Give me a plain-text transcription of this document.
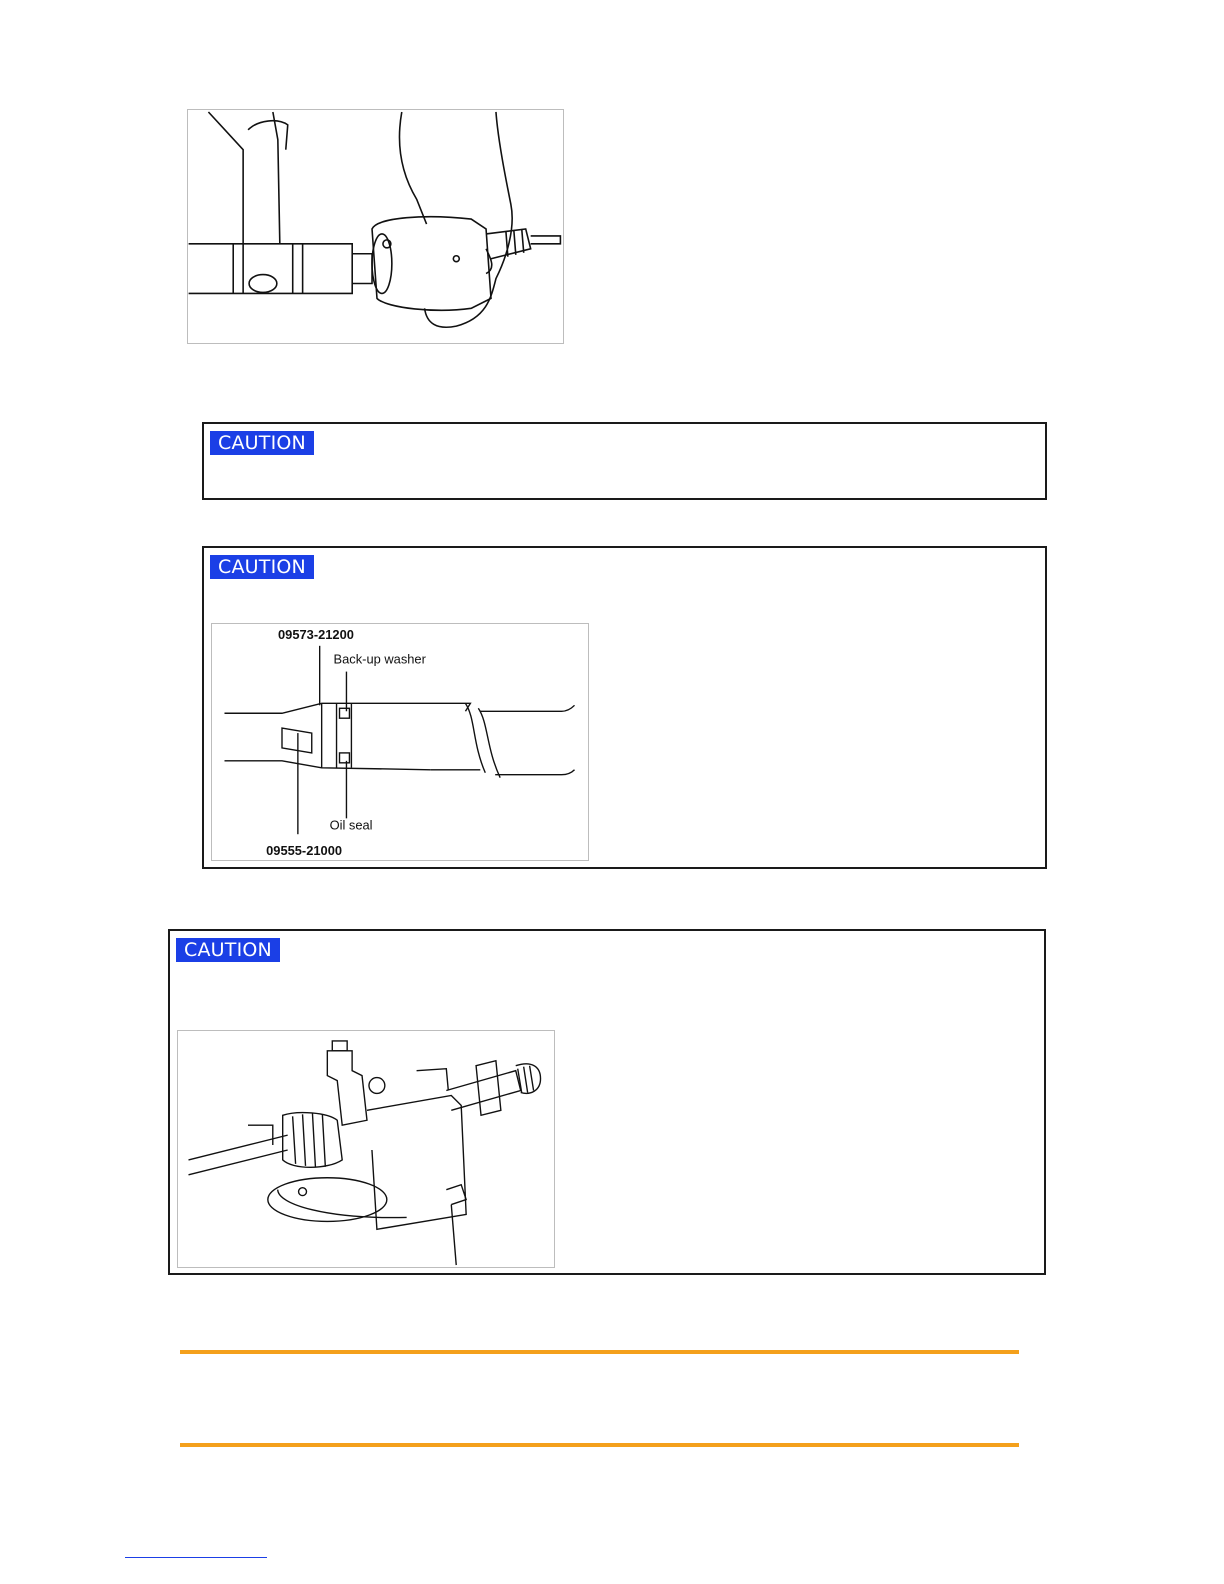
CAUTION
CAUTION
09573-21200
Back-up washer
Oil seal
09555-21000
CAUTION
